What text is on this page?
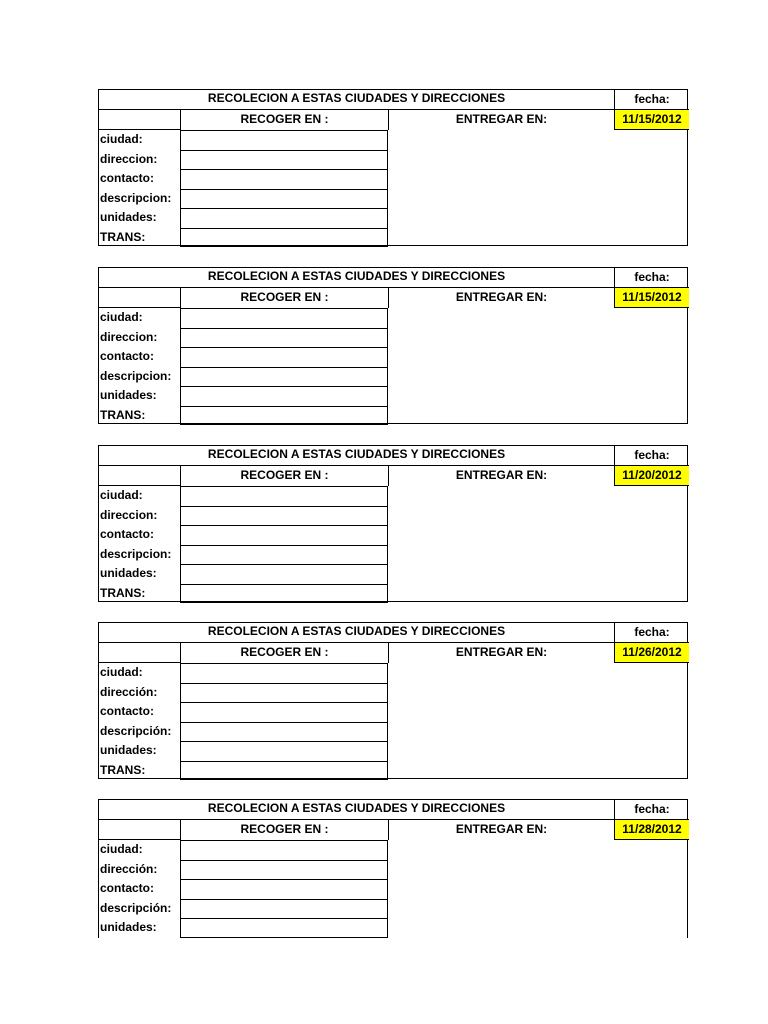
RECOLECION A ESTAS CIUDADES Y DIRECCIONES	fecha:
RECOGER EN :	ENTREGAR EN:	11/15/2012
ciudad:
direccion:
contacto:
descripcion:
unidades:
TRANS:
RECOLECION A ESTAS CIUDADES Y DIRECCIONES	fecha:
RECOGER EN :	ENTREGAR EN:	11/15/2012
ciudad:
direccion:
contacto:
descripcion:
unidades:
TRANS:
RECOLECION A ESTAS CIUDADES Y DIRECCIONES	fecha:
RECOGER EN :	ENTREGAR EN:	11/20/2012
ciudad:
direccion:
contacto:
descripcion:
unidades:
TRANS:
RECOLECION A ESTAS CIUDADES Y DIRECCIONES	fecha:
RECOGER EN :	ENTREGAR EN:	11/26/2012
ciudad:
dirección:
contacto:
descripción:
unidades:
TRANS:
RECOLECION A ESTAS CIUDADES Y DIRECCIONES	fecha:
RECOGER EN :	ENTREGAR EN:	11/28/2012
ciudad:
dirección:
contacto:
descripción:
unidades:
